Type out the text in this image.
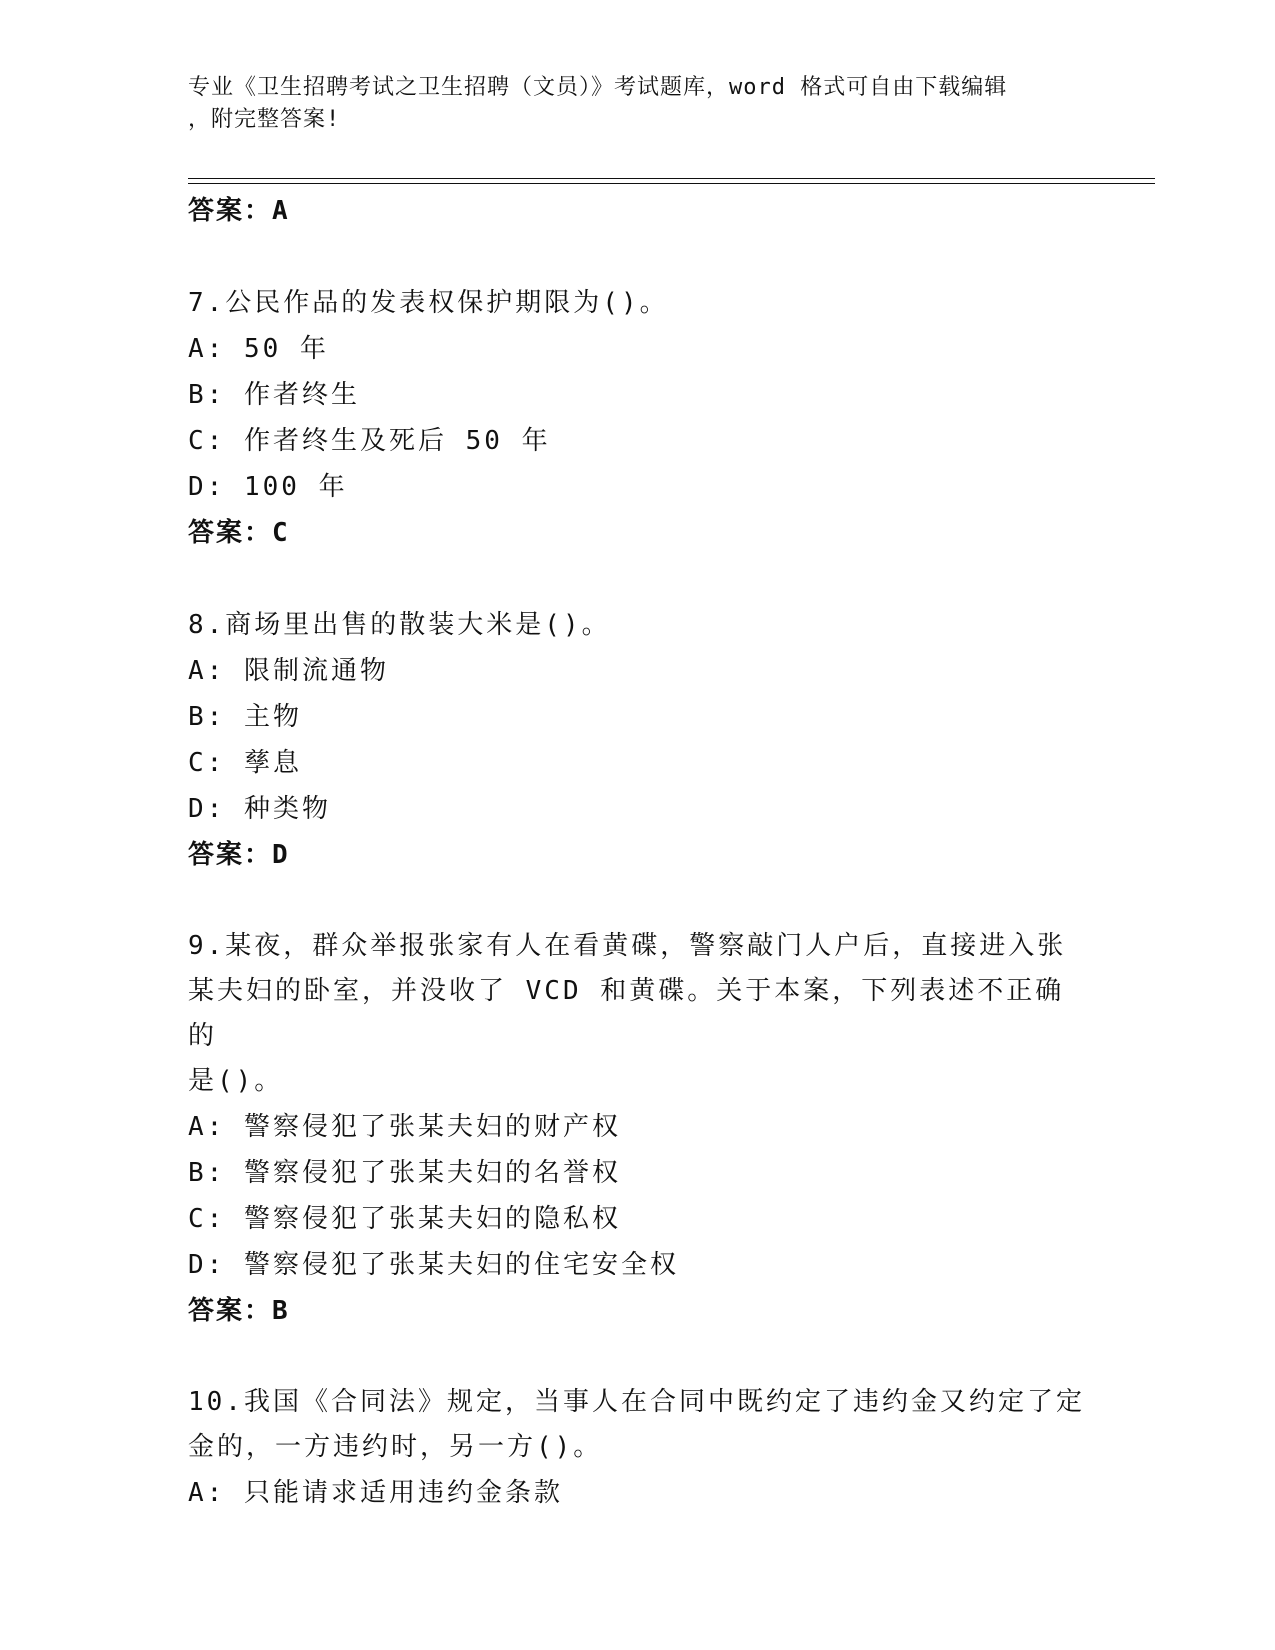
专业《卫生招聘考试之卫生招聘（文员）》考试题库，word 格式可自由下载编辑
，附完整答案!
答案：A
7.公民作品的发表权保护期限为()。
A: 50 年
B: 作者终生
C: 作者终生及死后 50 年
D: 100 年
答案：C
8.商场里出售的散装大米是()。
A: 限制流通物
B: 主物
C: 孳息
D: 种类物
答案：D
9.某夜，群众举报张家有人在看黄碟，警察敲门人户后，直接进入张
某夫妇的卧室，并没收了 VCD 和黄碟。关于本案，下列表述不正确的
是()。
A: 警察侵犯了张某夫妇的财产权
B: 警察侵犯了张某夫妇的名誉权
C: 警察侵犯了张某夫妇的隐私权
D: 警察侵犯了张某夫妇的住宅安全权
答案：B
10.我国《合同法》规定，当事人在合同中既约定了违约金又约定了定
金的，一方违约时，另一方()。
A: 只能请求适用违约金条款
